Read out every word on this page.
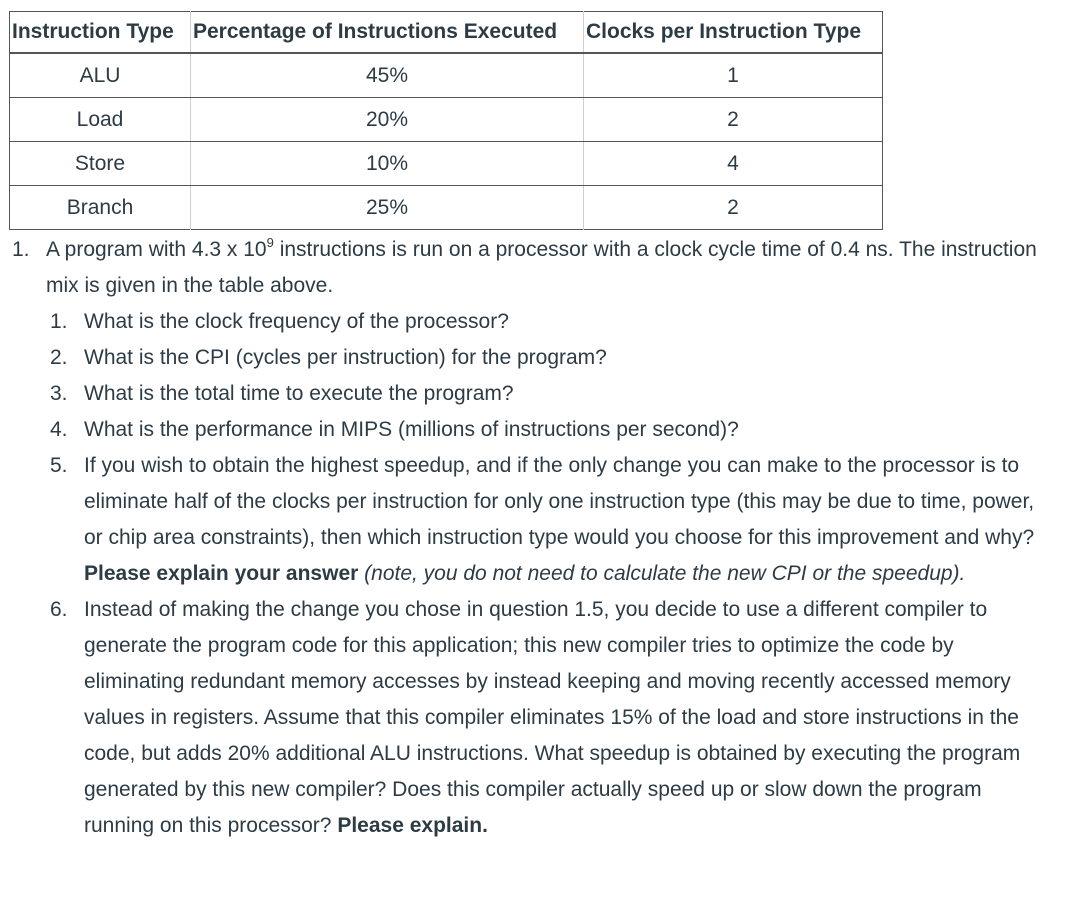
Instruction Type	Percentage of Instructions Executed	Clocks per Instruction Type
ALU	45%	1
Load	20%	2
Store	10%	4
Branch	25%	2
1. A program with 4.3 x $10^9$ instructions is run on a processor with a clock cycle time of 0.4 ns. The instruction mix is given in the table above.
1. What is the clock frequency of the processor?
2. What is the CPI (cycles per instruction) for the program?
3. What is the total time to execute the program?
4. What is the performance in MIPS (millions of instructions per second)?
5. If you wish to obtain the highest speedup, and if the only change you can make to the processor is to eliminate half of the clocks per instruction for only one instruction type (this may be due to time, power, or chip area constraints), then which instruction type would you choose for this improvement and why? Please explain your answer (note, you do not need to calculate the new CPI or the speedup).
6. Instead of making the change you chose in question 1.5, you decide to use a different compiler to generate the program code for this application; this new compiler tries to optimize the code by eliminating redundant memory accesses by instead keeping and moving recently accessed memory values in registers. Assume that this compiler eliminates 15% of the load and store instructions in the code, but adds 20% additional ALU instructions. What speedup is obtained by executing the program generated by this new compiler? Does this compiler actually speed up or slow down the program running on this processor? Please explain.
